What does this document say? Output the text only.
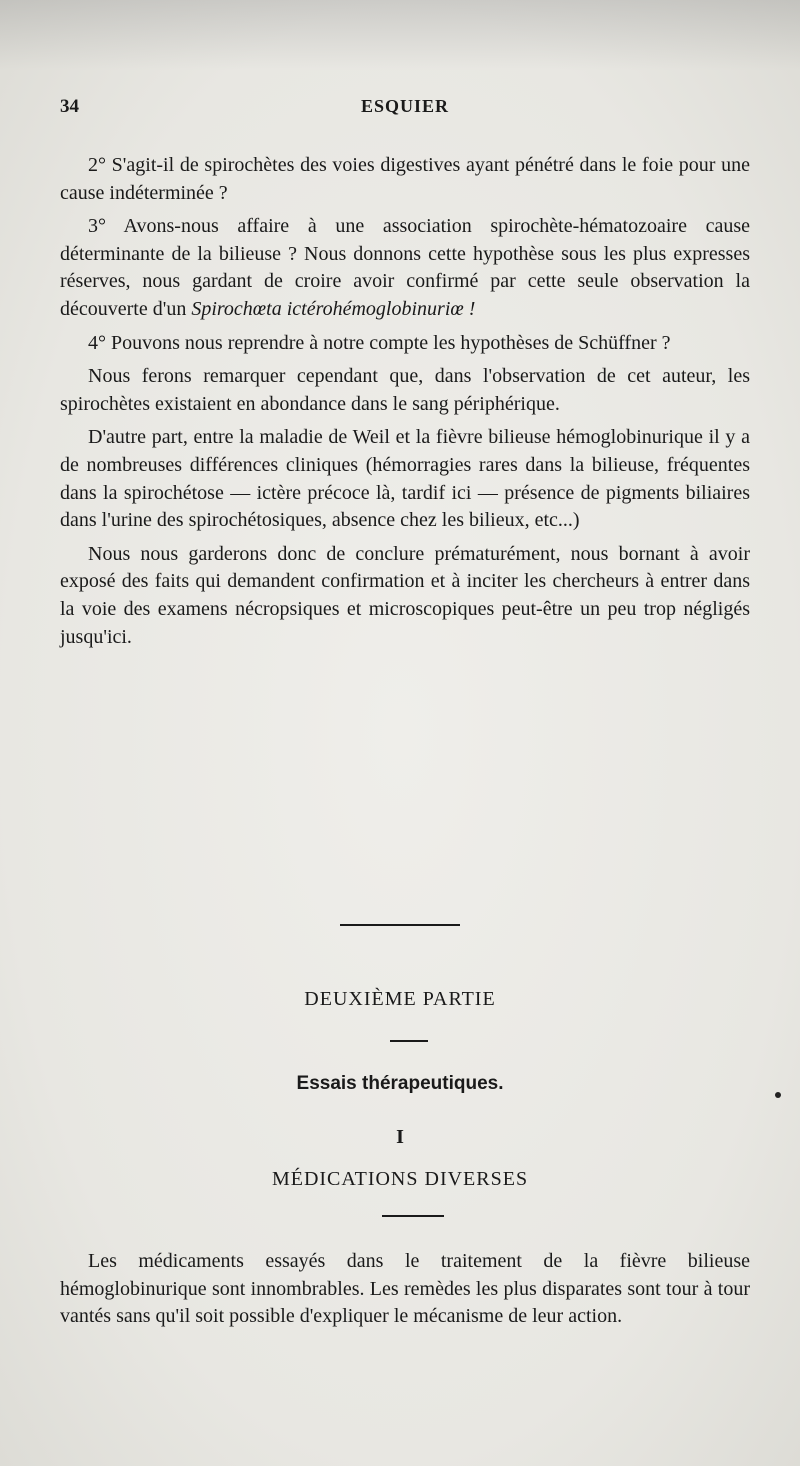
34	ESQUIER

2° S'agit-il de spirochètes des voies digestives ayant pénétré dans le foie pour une cause indéterminée ?

3° Avons-nous affaire à une association spirochète-hématozoaire cause déterminante de la bilieuse ? Nous donnons cette hypothèse sous les plus expresses réserves, nous gardant de croire avoir confirmé par cette seule observation la découverte d'un Spirochœta ictérohémoglobinuriœ !

4° Pouvons nous reprendre à notre compte les hypothèses de Schüffner ?

Nous ferons remarquer cependant que, dans l'observation de cet auteur, les spirochètes existaient en abondance dans le sang périphérique.

D'autre part, entre la maladie de Weil et la fièvre bilieuse hémoglobinurique il y a de nombreuses différences cliniques (hémorragies rares dans la bilieuse, fréquentes dans la spirochétose — ictère précoce là, tardif ici — présence de pigments biliaires dans l'urine des spirochétosiques, absence chez les bilieux, etc...)

Nous nous garderons donc de conclure prématurément, nous bornant à avoir exposé des faits qui demandent confirmation et à inciter les chercheurs à entrer dans la voie des examens nécropsiques et microscopiques peut-être un peu trop négligés jusqu'ici.

DEUXIÈME PARTIE
Essais thérapeutiques.
I
MÉDICATIONS DIVERSES

Les médicaments essayés dans le traitement de la fièvre bilieuse hémoglobinurique sont innombrables. Les remèdes les plus disparates sont tour à tour vantés sans qu'il soit possible d'expliquer le mécanisme de leur action.
